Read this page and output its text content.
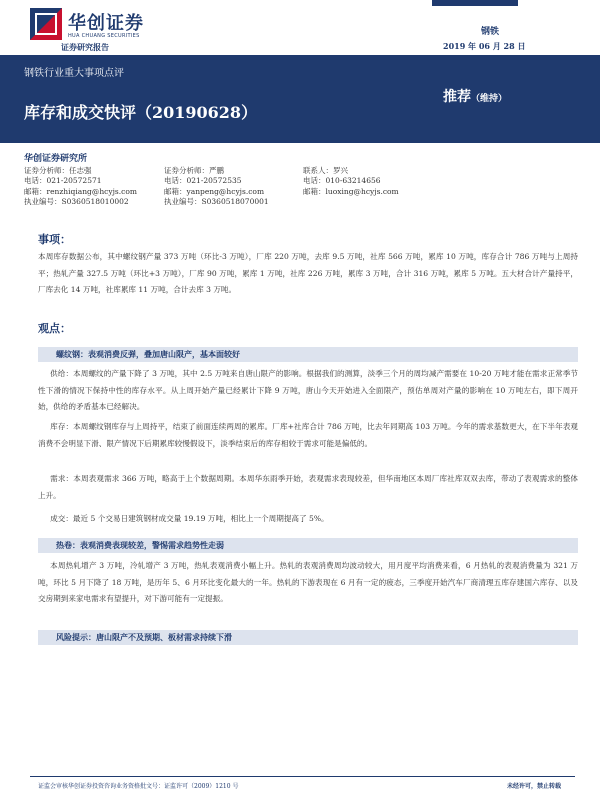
华创证券
HUA CHUANG SECURITIES
证券研究报告
钢铁
2019 年 06 月 28 日
钢铁行业重大事项点评
库存和成交快评（20190628）
推荐（维持）
华创证券研究所
证券分析师：任志强
电话：021-20572571
邮箱：renzhiqiang@hcyjs.com
执业编号：S0360518010002
证券分析师：严鹏
电话：021-20572535
邮箱：yanpeng@hcyjs.com
执业编号：S0360518070001
联系人：罗兴
电话：010-63214656
邮箱：luoxing@hcyjs.com
事项：
本周库存数据公布，其中螺纹钢产量 373 万吨（环比-3 万吨），厂库 220 万吨，去库 9.5 万吨，社库 566 万吨，累库 10 万吨，库存合计 786 万吨与上周持平；热轧产量 327.5 万吨（环比+3 万吨），厂库 90 万吨，累库 1 万吨，社库 226 万吨，累库 3 万吨，合计 316 万吨，累库 5 万吨。五大材合计产量持平，厂库去化 14 万吨，社库累库 11 万吨，合计去库 3 万吨。
观点：
螺纹钢：表观消费反弹，叠加唐山限产，基本面较好
供给：本周螺纹的产量下降了 3 万吨，其中 2.5 万吨来自唐山限产的影响。根据我们的测算，淡季三个月的周均减产需要在 10-20 万吨才能在需求正常季节性下滑的情况下保持中性的库存水平。从上周开始产量已经累计下降 9 万吨，唐山今天开始进入全面限产，预估单周对产量的影响在 10 万吨左右，即下周开始，供给的矛盾基本已经解决。
库存：本周螺纹钢库存与上周持平，结束了前面连续两周的累库。厂库+社库合计 786 万吨，比去年同期高 103 万吨。今年的需求基数更大，在下半年表观消费不会明显下滑、限产情况下后期累库较慢假设下，淡季结束后的库存相较于需求可能是偏低的。
需求：本周表观需求 366 万吨，略高于上个数据周期。本周华东雨季开始，表观需求表现较差，但华南地区本周厂库社库双双去库，带动了表观需求的整体上升。
成交：最近 5 个交易日建筑钢材成交量 19.19 万吨，相比上一个周期提高了 5%。
热卷：表观消费表现较差，警惕需求趋势性走弱
本周热轧增产 3 万吨，冷轧增产 3 万吨，热轧表观消费小幅上升。热轧的表观消费周均波动较大，用月度平均消费来看，6 月热轧的表观消费量为 321 万吨，环比 5 月下降了 18 万吨，是历年 5、6 月环比变化最大的一年。热轧的下游表现在 6 月有一定的疲态，三季度开始汽车厂商清理五库存建国六库存、以及交房期到来家电需求有望提升，对下游可能有一定提振。
风险提示：唐山限产不及预期、板材需求持续下滑
证监会审核华创证券投资咨询业务资格批文号：证监许可（2009）1210 号	未经许可，禁止转载
